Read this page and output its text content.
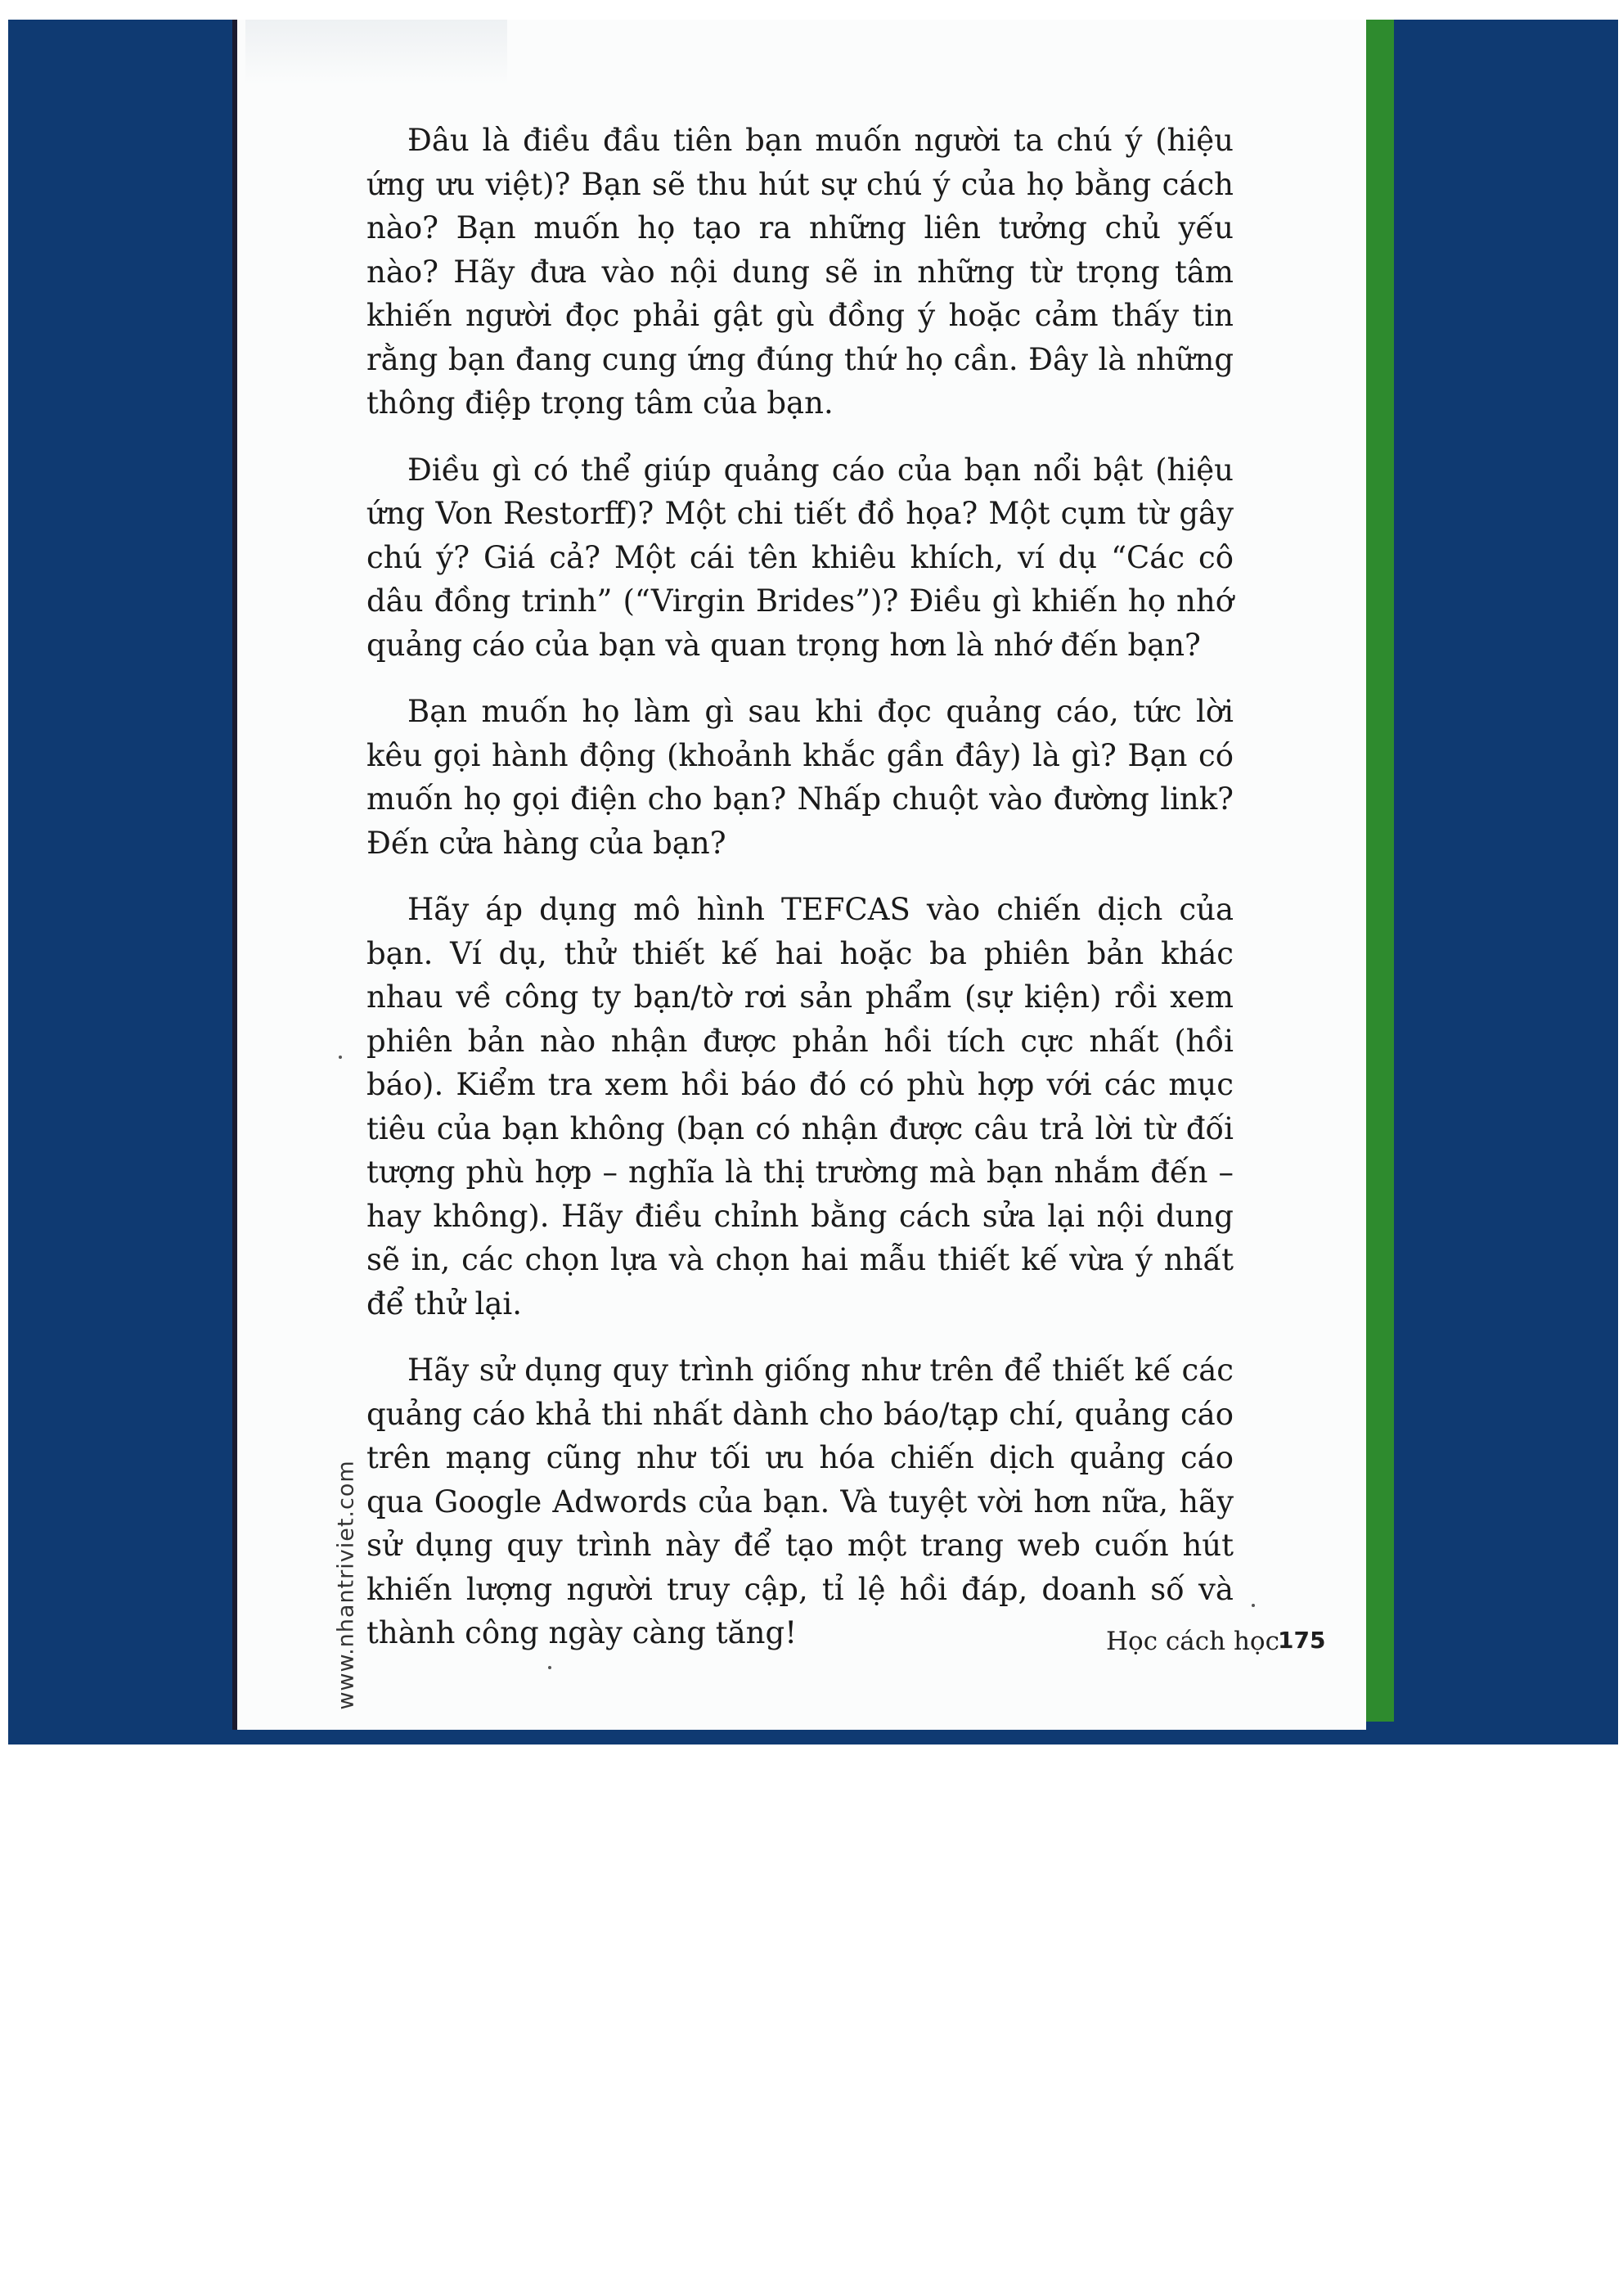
Đâu là điều đầu tiên bạn muốn người ta chú ý (hiệu ứng ưu việt)? Bạn sẽ thu hút sự chú ý của họ bằng cách nào? Bạn muốn họ tạo ra những liên tưởng chủ yếu nào? Hãy đưa vào nội dung sẽ in những từ trọng tâm khiến người đọc phải gật gù đồng ý hoặc cảm thấy tin rằng bạn đang cung ứng đúng thứ họ cần. Đây là những thông điệp trọng tâm của bạn.

Điều gì có thể giúp quảng cáo của bạn nổi bật (hiệu ứng Von Restorff)? Một chi tiết đồ họa? Một cụm từ gây chú ý? Giá cả? Một cái tên khiêu khích, ví dụ “Các cô dâu đồng trinh” (“Virgin Brides”)? Điều gì khiến họ nhớ quảng cáo của bạn và quan trọng hơn là nhớ đến bạn?

Bạn muốn họ làm gì sau khi đọc quảng cáo, tức lời kêu gọi hành động (khoảnh khắc gần đây) là gì? Bạn có muốn họ gọi điện cho bạn? Nhấp chuột vào đường link? Đến cửa hàng của bạn?

Hãy áp dụng mô hình TEFCAS vào chiến dịch của bạn. Ví dụ, thử thiết kế hai hoặc ba phiên bản khác nhau về công ty bạn/tờ rơi sản phẩm (sự kiện) rồi xem phiên bản nào nhận được phản hồi tích cực nhất (hồi báo). Kiểm tra xem hồi báo đó có phù hợp với các mục tiêu của bạn không (bạn có nhận được câu trả lời từ đối tượng phù hợp – nghĩa là thị trường mà bạn nhắm đến – hay không). Hãy điều chỉnh bằng cách sửa lại nội dung sẽ in, các chọn lựa và chọn hai mẫu thiết kế vừa ý nhất để thử lại.

Hãy sử dụng quy trình giống như trên để thiết kế các quảng cáo khả thi nhất dành cho báo/tạp chí, quảng cáo trên mạng cũng như tối ưu hóa chiến dịch quảng cáo qua Google Adwords của bạn. Và tuyệt vời hơn nữa, hãy sử dụng quy trình này để tạo một trang web cuốn hút khiến lượng người truy cập, tỉ lệ hồi đáp, doanh số và thành công ngày càng tăng!

www.nhantriviet.com	Học cách học
175
